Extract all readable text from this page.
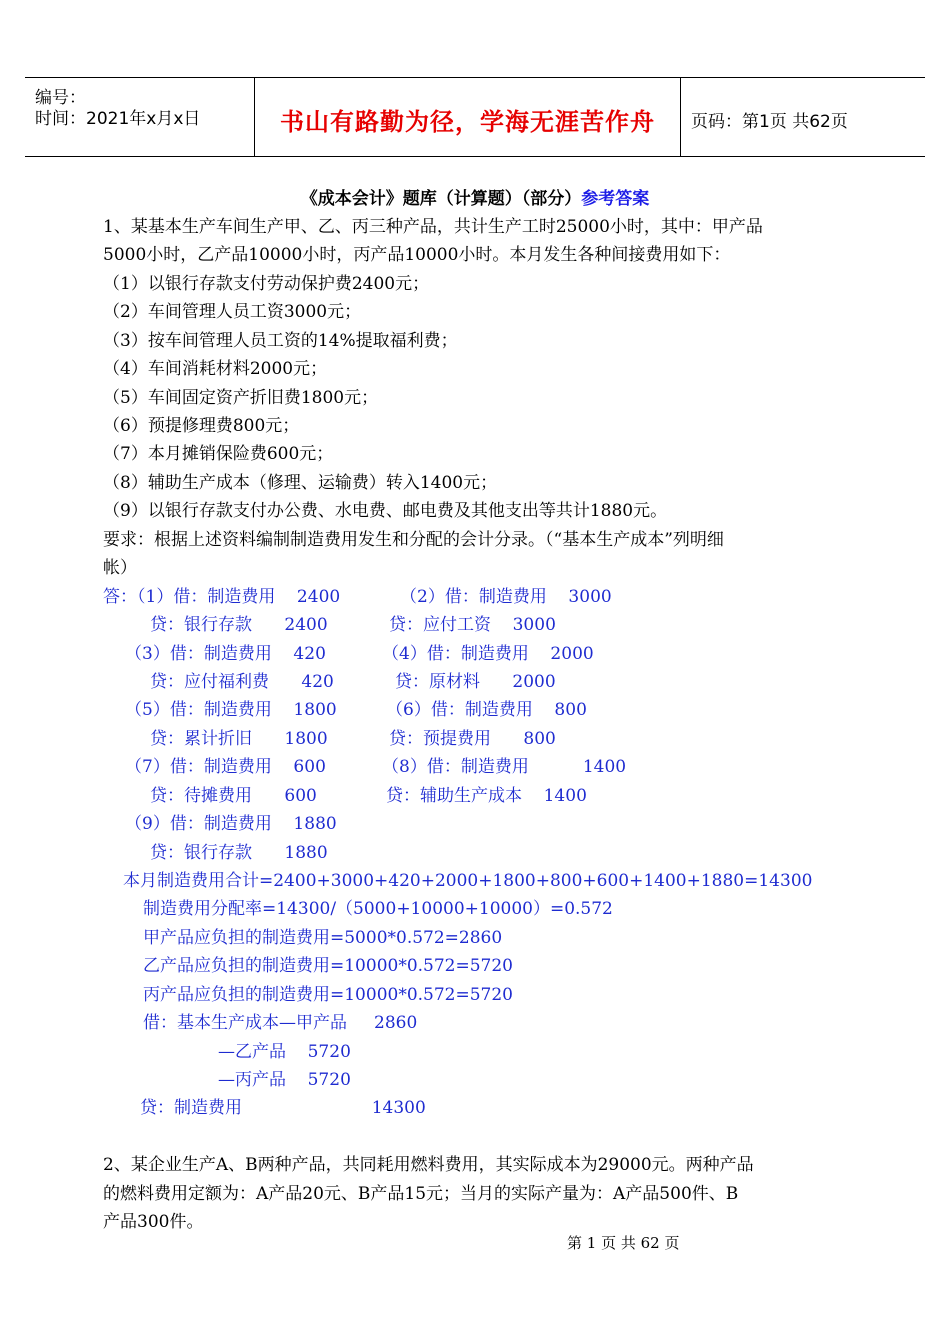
编号：
时间：2021年x月x日	书山有路勤为径，学海无涯苦作舟	页码：第1页 共62页
《成本会计》题库（计算题）（部分）参考答案
1、某基本生产车间生产甲、乙、丙三种产品，共计生产工时25000小时，其中：甲产品
5000小时，乙产品10000小时，丙产品10000小时。本月发生各种间接费用如下：
（1）以银行存款支付劳动保护费2400元；
（2）车间管理人员工资3000元；
（3）按车间管理人员工资的14%提取福利费；
（4）车间消耗材料2000元；
（5）车间固定资产折旧费1800元；
（6）预提修理费800元；
（7）本月摊销保险费600元；
（8）辅助生产成本（修理、运输费）转入1400元；
（9）以银行存款支付办公费、水电费、邮电费及其他支出等共计1880元。
要求：根据上述资料编制制造费用发生和分配的会计分录。（“基本生产成本”列明细
帐）
答：（1）借：制造费用    2400
贷：银行存款      2400
（3）借：制造费用    420
贷：应付福利费      420
（5）借：制造费用    1800
贷：累计折旧      1800
（7）借：制造费用    600
贷：待摊费用      600
（9）借：制造费用    1880
贷：银行存款      1880
（2）借：制造费用    3000
贷：应付工资    3000
（4）借：制造费用    2000
贷：原材料      2000
（6）借：制造费用    800
贷：预提费用      800
（8）借：制造费用          1400
贷：辅助生产成本    1400
本月制造费用合计=2400+3000+420+2000+1800+800+600+1400+1880=14300
制造费用分配率=14300/（5000+10000+10000）=0.572
甲产品应负担的制造费用=5000*0.572=2860
乙产品应负担的制造费用=10000*0.572=5720
丙产品应负担的制造费用=10000*0.572=5720
借：基本生产成本—甲产品     2860
—乙产品    5720
—丙产品    5720
贷：制造费用                        14300
2、某企业生产A、B两种产品，共同耗用燃料费用，其实际成本为29000元。两种产品
的燃料费用定额为：A产品20元、B产品15元；当月的实际产量为：A产品500件、B
产品300件。
第 1 页 共 62 页
